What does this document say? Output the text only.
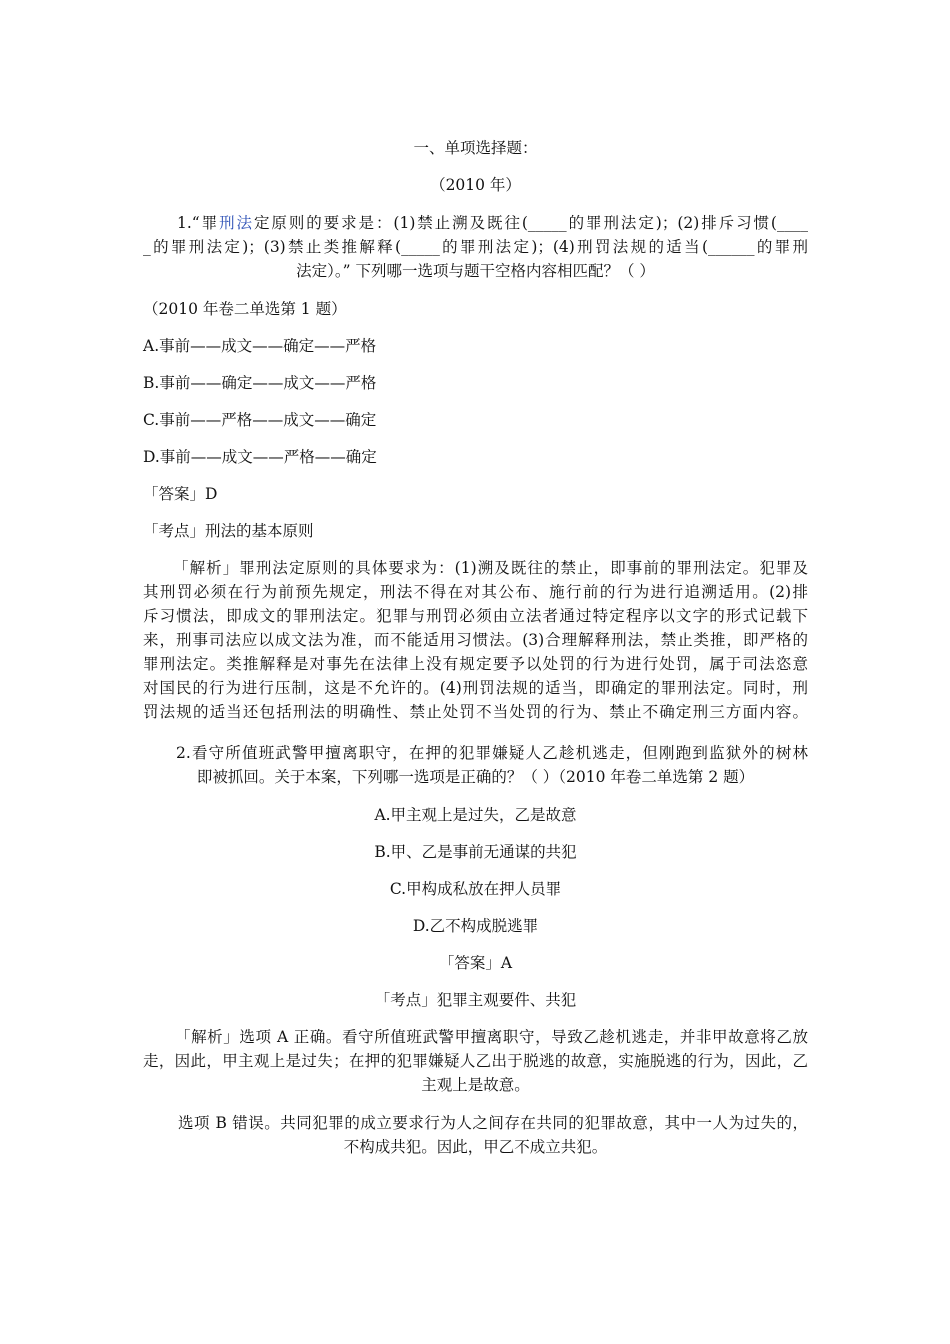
一、单项选择题：
（2010 年）
1.“罪刑法定原则的要求是：(1)禁止溯及既往(_____的罪刑法定)；(2)排斥习惯(____
_的罪刑法定)；(3)禁止类推解释(_____的罪刑法定)；(4)刑罚法规的适当(______的罪刑
法定）。” 下列哪一选项与题干空格内容相匹配？（ ）
（2010 年卷二单选第 1 题）
A.事前——成文——确定——严格
B.事前——确定——成文——严格
C.事前——严格——成文——确定
D.事前——成文——严格——确定
「答案」D
「考点」刑法的基本原则
「解析」罪刑法定原则的具体要求为：(1)溯及既往的禁止，即事前的罪刑法定。犯罪及
其刑罚必须在行为前预先规定，刑法不得在对其公布、施行前的行为进行追溯适用。(2)排
斥习惯法，即成文的罪刑法定。犯罪与刑罚必须由立法者通过特定程序以文字的形式记载下
来，刑事司法应以成文法为准，而不能适用习惯法。(3)合理解释刑法，禁止类推，即严格的
罪刑法定。类推解释是对事先在法律上没有规定要予以处罚的行为进行处罚，属于司法恣意
对国民的行为进行压制，这是不允许的。(4)刑罚法规的适当，即确定的罪刑法定。同时，刑
罚法规的适当还包括刑法的明确性、禁止处罚不当处罚的行为、禁止不确定刑三方面内容。
2.看守所值班武警甲擅离职守，在押的犯罪嫌疑人乙趁机逃走，但刚跑到监狱外的树林
即被抓回。关于本案，下列哪一选项是正确的？（ ）（2010 年卷二单选第 2 题）
A.甲主观上是过失，乙是故意
B.甲、乙是事前无通谋的共犯
C.甲构成私放在押人员罪
D.乙不构成脱逃罪
「答案」A
「考点」犯罪主观要件、共犯
「解析」选项 A 正确。看守所值班武警甲擅离职守，导致乙趁机逃走，并非甲故意将乙放
走，因此，甲主观上是过失；在押的犯罪嫌疑人乙出于脱逃的故意，实施脱逃的行为，因此，乙
主观上是故意。
选项 B 错误。共同犯罪的成立要求行为人之间存在共同的犯罪故意，其中一人为过失的，
不构成共犯。因此，甲乙不成立共犯。
